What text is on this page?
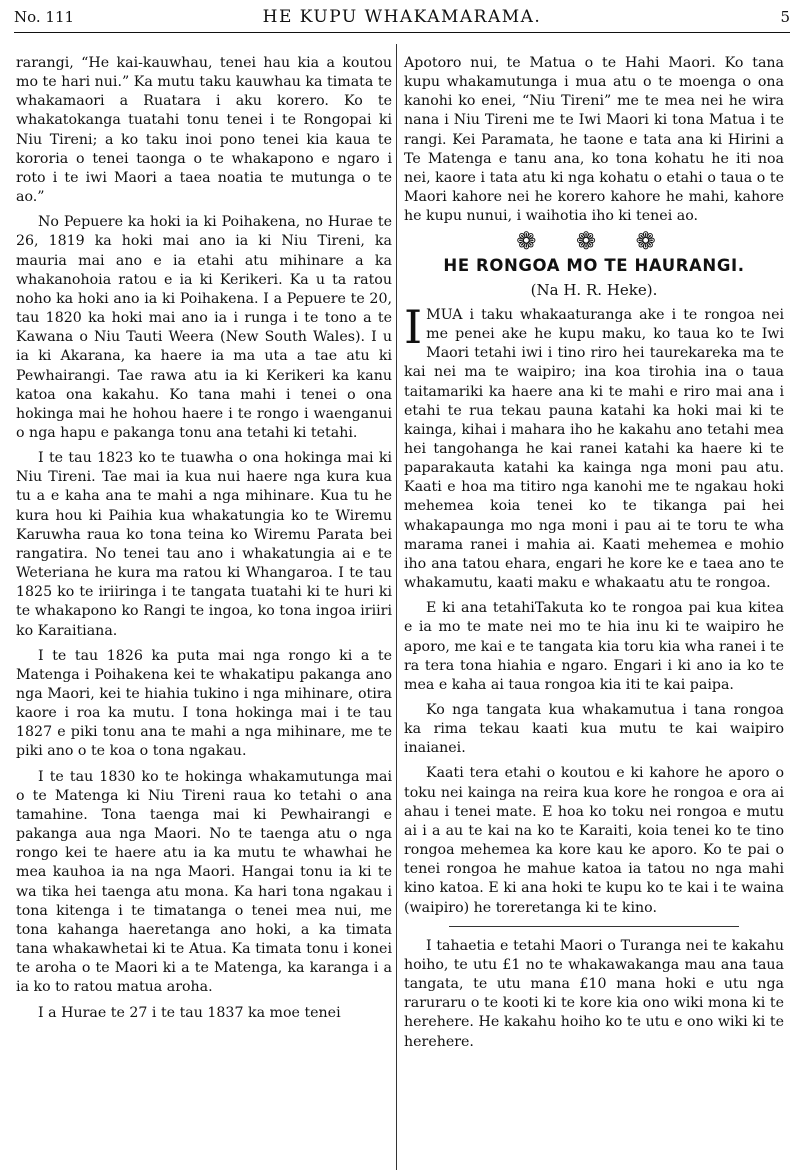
No. 111	HE KUPU WHAKAMARAMA.	5

rarangi, “He kai-kauwhau, tenei hau kia a koutou mo te hari nui.” Ka mutu taku kauwhau ka timata te whakamaori a Ruatara i aku korero. Ko te whakatokanga tuatahi tonu tenei i te Rongopai ki Niu Tireni; a ko taku inoi pono tenei kia kaua te kororia o tenei taonga o te whakapono e ngaro i roto i te iwi Maori a taea noatia te mutunga o te ao.”

No Pepuere ka hoki ia ki Poihakena, no Hurae te 26, 1819 ka hoki mai ano ia ki Niu Tireni, ka mauria mai ano e ia etahi atu mihinare a ka whakanohoia ratou e ia ki Kerikeri. Ka u ta ratou noho ka hoki ano ia ki Poihakena. I a Pepuere te 20, tau 1820 ka hoki mai ano ia i runga i te tono a te Kawana o Niu Tauti Weera (New South Wales). I u ia ki Akarana, ka haere ia ma uta a tae atu ki Pewhairangi. Tae rawa atu ia ki Kerikeri ka kanu katoa ona kakahu. Ko tana mahi i tenei o ona hokinga mai he hohou haere i te rongo i waenganui o nga hapu e pakanga tonu ana tetahi ki tetahi.

I te tau 1823 ko te tuawha o ona hokinga mai ki Niu Tireni. Tae mai ia kua nui haere nga kura kua tu a e kaha ana te mahi a nga mihinare. Kua tu he kura hou ki Paihia kua whakatungia ko te Wiremu Karuwha raua ko tona teina ko Wiremu Parata bei rangatira. No tenei tau ano i whakatungia ai e te Weteriana he kura ma ratou ki Whangaroa. I te tau 1825 ko te iriiringa i te tangata tuatahi ki te huri ki te whakapono ko Rangi te ingoa, ko tona ingoa iriiri ko Karaitiana.

I te tau 1826 ka puta mai nga rongo ki a te Matenga i Poihakena kei te whakatipu pakanga ano nga Maori, kei te hiahia tukino i nga mihinare, otira kaore i roa ka mutu. I tona hokinga mai i te tau 1827 e piki tonu ana te mahi a nga mihinare, me te piki ano o te koa o tona ngakau.

I te tau 1830 ko te hokinga whakamutunga mai o te Matenga ki Niu Tireni raua ko tetahi o ana tamahine. Tona taenga mai ki Pewhairangi e pakanga aua nga Maori. No te taenga atu o nga rongo kei te haere atu ia ka mutu te whawhai he mea kauhoa ia na nga Maori. Hangai tonu ia ki te wa tika hei taenga atu mona. Ka hari tona ngakau i tona kitenga i te timatanga o tenei mea nui, me tona kahanga haeretanga ano hoki, a ka timata tana whakawhetai ki te Atua. Ka timata tonu i konei te aroha o te Maori ki a te Matenga, ka karanga i a ia ko to ratou matua aroha.

I a Hurae te 27 i te tau 1837 ka moe tenei

Apotoro nui, te Matua o te Hahi Maori. Ko tana kupu whakamutunga i mua atu o te moenga o ona kanohi ko enei, “Niu Tireni” me te mea nei he wira nana i Niu Tireni me te Iwi Maori ki tona Matua i te rangi. Kei Paramata, he taone e tata ana ki Hirini a Te Matenga e tanu ana, ko tona kohatu he iti noa nei, kaore i tata atu ki nga kohatu o etahi o taua o te Maori kahore nei he korero kahore he mahi, kahore he kupu nunui, i waihotia iho ki tenei ao.

❁ ❁ ❁
HE RONGOA MO TE HAURANGI.
(Na H. R. Heke).

IMUA i taku whakaaturanga ake i te rongoa nei me penei ake he kupu maku, ko taua ko te Iwi Maori tetahi iwi i tino riro hei taurekareka ma te kai nei ma te waipiro; ina koa tirohia ina o taua taitamariki ka haere ana ki te mahi e riro mai ana i etahi te rua tekau pauna katahi ka hoki mai ki te kainga, kihai i mahara iho he kakahu ano tetahi mea hei tangohanga he kai ranei katahi ka haere ki te paparakauta katahi ka kainga nga moni pau atu. Kaati e hoa ma titiro nga kanohi me te ngakau hoki mehemea koia tenei ko te tikanga pai hei whakapaunga mo nga moni i pau ai te toru te wha marama ranei i mahia ai. Kaati mehemea e mohio iho ana tatou ehara, engari he kore ke e taea ano te whakamutu, kaati maku e whakaatu atu te rongoa.

E ki ana tetahiTakuta ko te rongoa pai kua kitea e ia mo te mate nei mo te hia inu ki te waipiro he aporo, me kai e te tangata kia toru kia wha ranei i te ra tera tona hiahia e ngaro. Engari i ki ano ia ko te mea e kaha ai taua rongoa kia iti te kai paipa.

Ko nga tangata kua whakamutua i tana rongoa ka rima tekau kaati kua mutu te kai waipiro inaianei.

Kaati tera etahi o koutou e ki kahore he aporo o toku nei kainga na reira kua kore he rongoa e ora ai ahau i tenei mate. E hoa ko toku nei rongoa e mutu ai i a au te kai na ko te Karaiti, koia tenei ko te tino rongoa mehemea ka kore kau ke aporo. Ko te pai o tenei rongoa he mahue katoa ia tatou no nga mahi kino katoa. E ki ana hoki te kupu ko te kai i te waina (waipiro) he toreretanga ki te kino.

I tahaetia e tetahi Maori o Turanga nei te kakahu hoiho, te utu £1 no te whakawakanga mau ana taua tangata, te utu mana £10 mana hoki e utu nga raruraru o te kooti ki te kore kia ono wiki mona ki te herehere. He kakahu hoiho ko te utu e ono wiki ki te herehere.
